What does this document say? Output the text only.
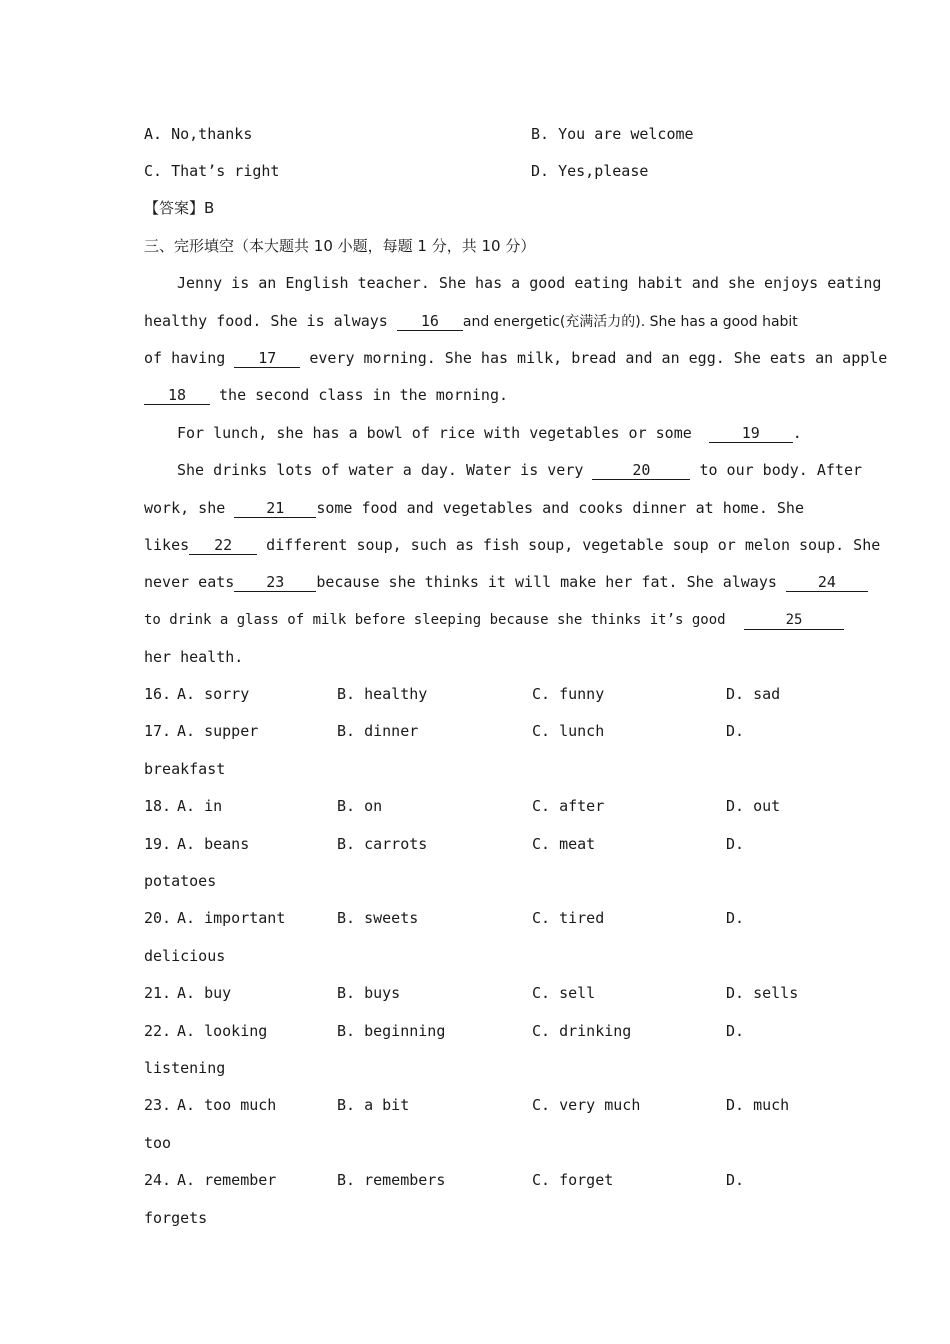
A. No,thanks	B. You are welcome
C. That’s right	D. Yes,please
【答案】B
三、完形填空（本大题共 10 小题，每题 1 分，共 10 分）
Jenny is an English teacher. She has a good eating habit and she enjoys eating
healthy food. She is always 16 and energetic(充满活力的). She has a good habit
of having 17 every morning. She has milk, bread and an egg. She eats an apple
18 the second class in the morning.
For lunch, she has a bowl of rice with vegetables or some	19 .
She drinks lots of water a day. Water is very	20	to our body. After
work, she 21 some food and vegetables and cooks dinner at home. She
likes 22 different soup, such as fish soup, vegetable soup or melon soup. She
never eats 23 because she thinks it will make her fat. She always 24
to drink a glass of milk before sleeping because she thinks it’s good	25
her health.
16. A. sorry	B. healthy	C. funny	D. sad
17. A. supper	B. dinner	C. lunch	D.
breakfast
18. A. in	B. on	C. after	D. out
19. A. beans	B. carrots	C. meat	D.
potatoes
20. A. important	B. sweets	C. tired	D.
delicious
21. A. buy	B. buys	C. sell	D. sells
22. A. looking	B. beginning	C. drinking	D.
listening
23. A. too much	B. a bit	C. very much	D. much
too
24. A. remember	B. remembers	C. forget	D.
forgets
